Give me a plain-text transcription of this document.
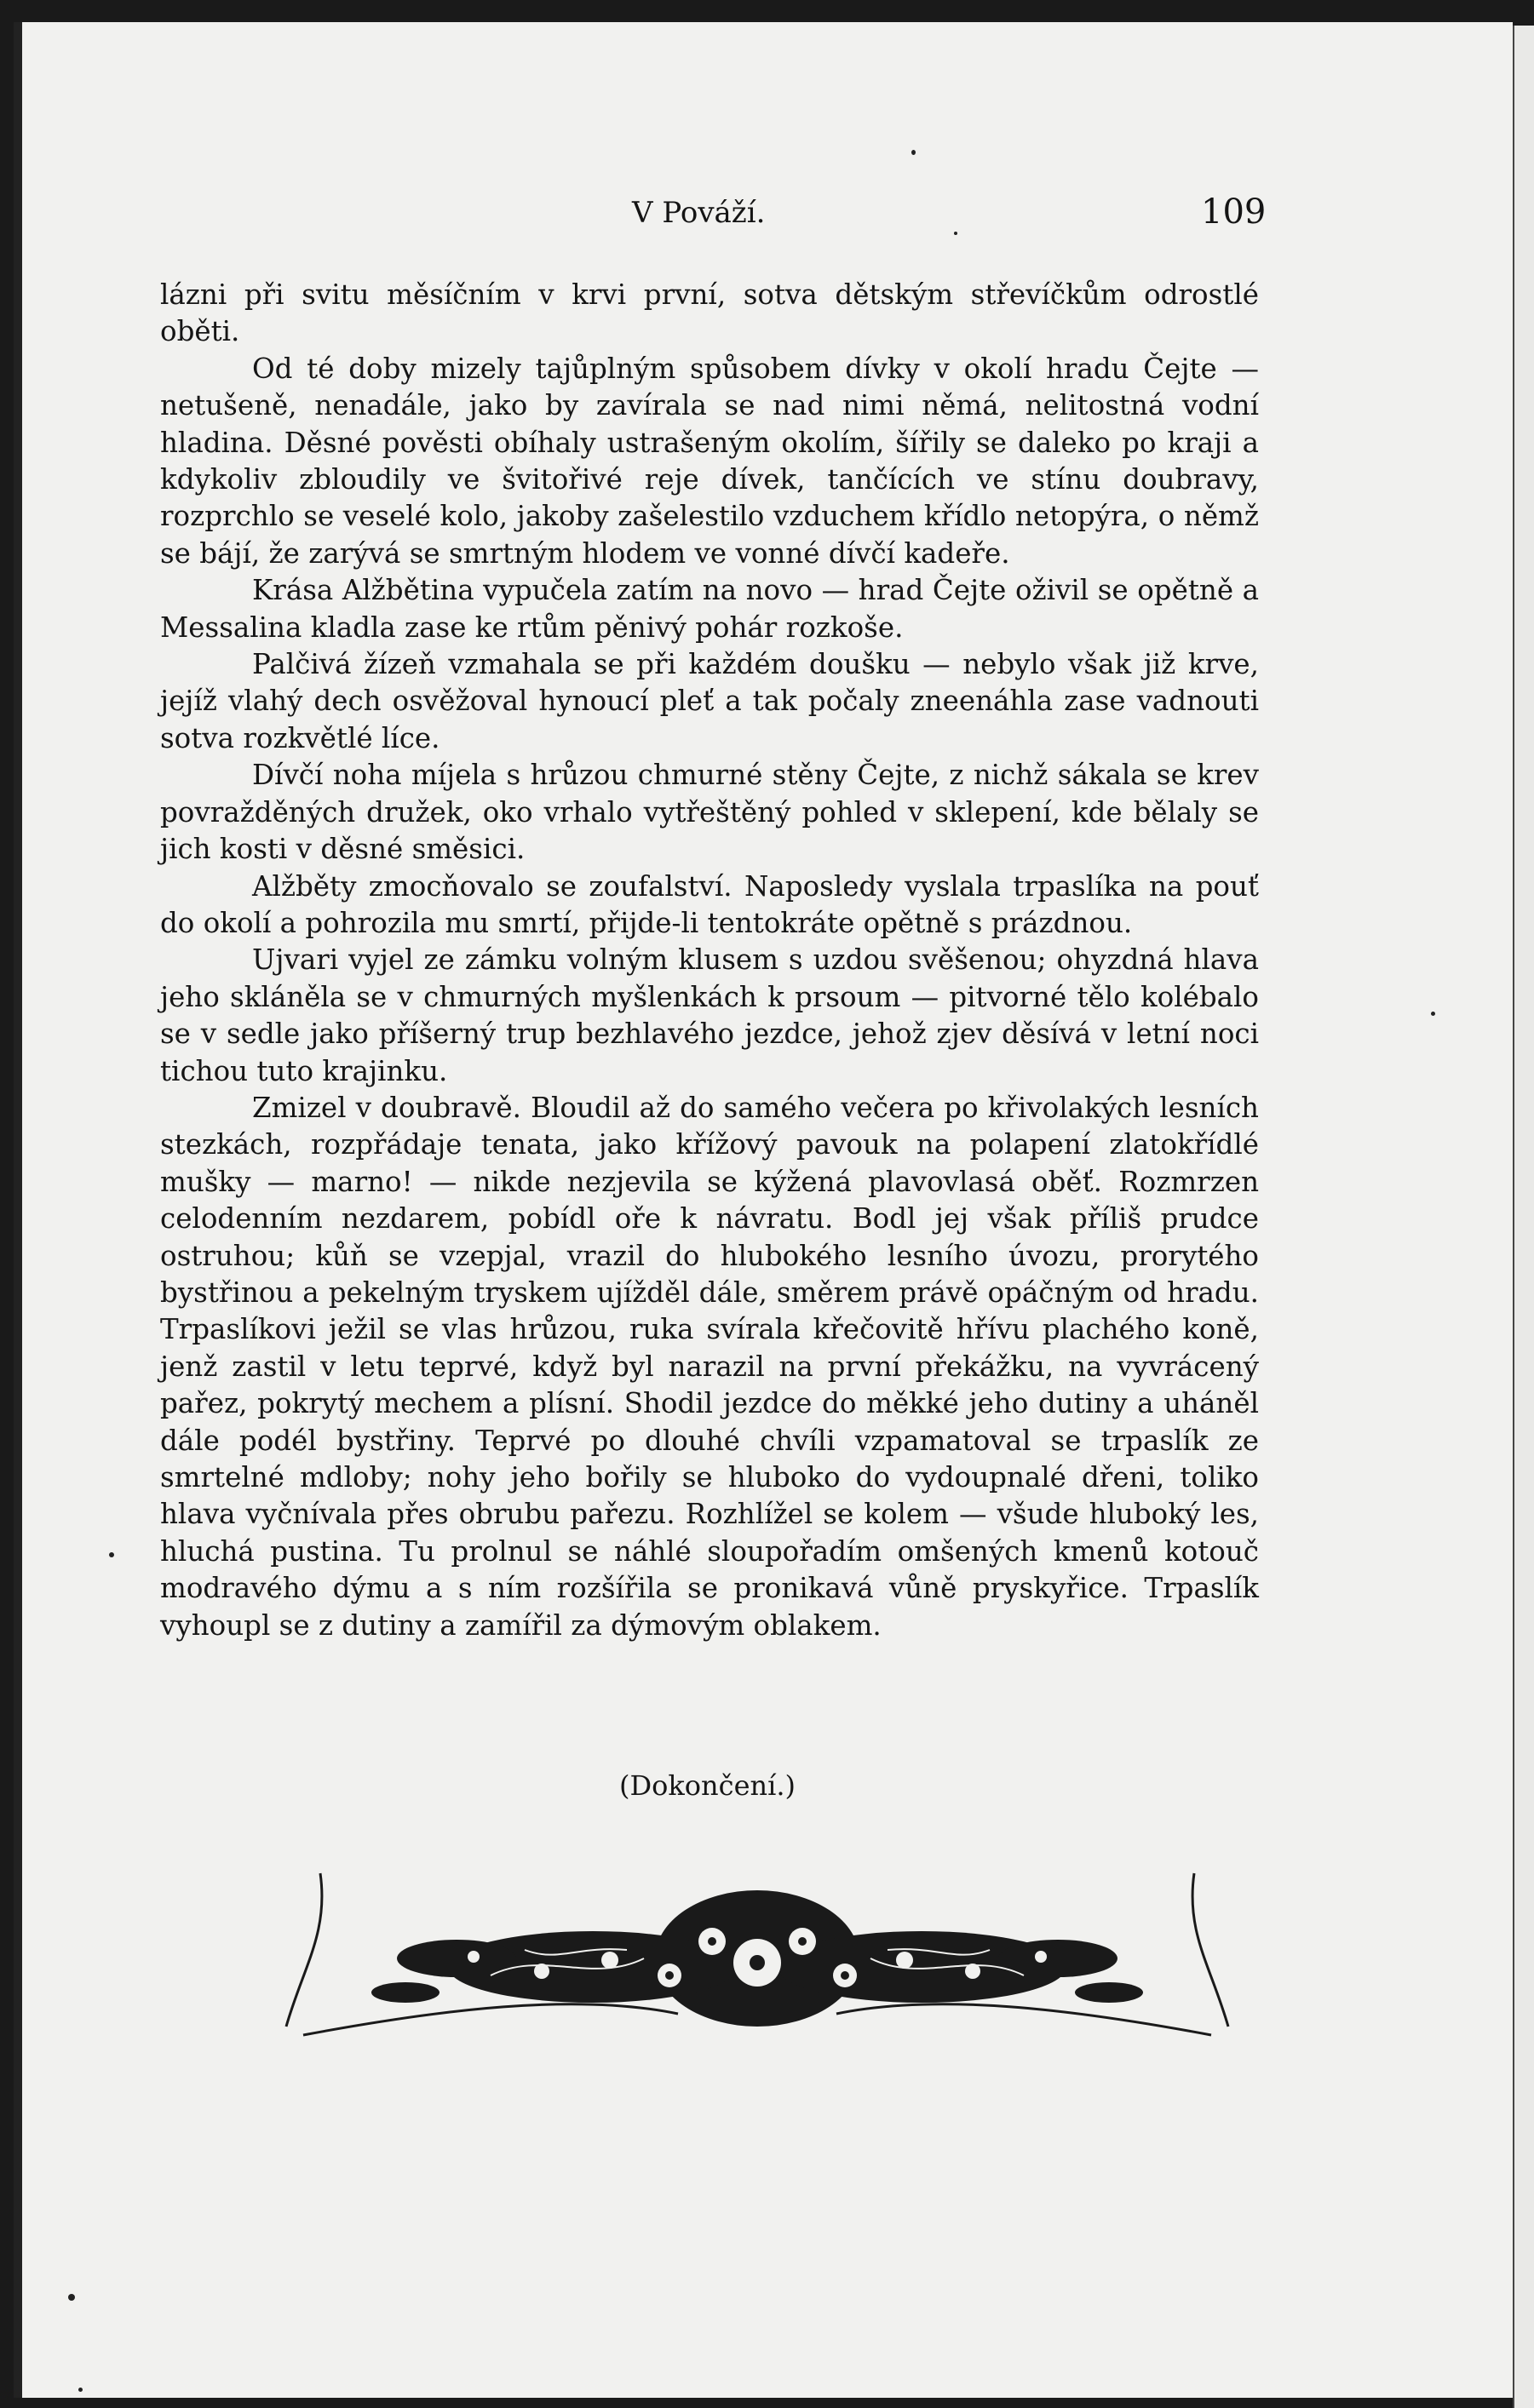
V Pováží.	109

lázni při svitu měsíčním v krvi první, sotva dětským střevíčkům odrostlé oběti.

Od té doby mizely tajůplným spůsobem dívky v okolí hradu Čejte — netušeně, nenadále, jako by zavírala se nad nimi němá, nelitostná vodní hladina. Děsné pověsti obíhaly ustrašeným okolím, šířily se daleko po kraji a kdykoliv zbloudily ve švitořivé reje dívek, tančících ve stínu doubravy, rozprchlo se veselé kolo, jakoby zašelestilo vzduchem křídlo netopýra, o němž se bájí, že zarývá se smrtným hlodem ve vonné dívčí kadeře.

Krása Alžbětina vypučela zatím na novo — hrad Čejte oživil se opětně a Messalina kladla zase ke rtům pěnivý pohár rozkoše.

Palčivá žízeň vzmahala se při každém doušku — nebylo však již krve, jejíž vlahý dech osvěžoval hynoucí pleť a tak počaly zneenáhla zase vadnouti sotva rozkvětlé líce.

Dívčí noha míjela s hrůzou chmurné stěny Čejte, z nichž sákala se krev povražděných družek, oko vrhalo vytřeštěný pohled v sklepení, kde bělaly se jich kosti v děsné směsici.

Alžběty zmocňovalo se zoufalství. Naposledy vyslala trpaslíka na pouť do okolí a pohrozila mu smrtí, přijde-li tentokráte opětně s prázdnou.

Ujvari vyjel ze zámku volným klusem s uzdou svěšenou; ohyzdná hlava jeho skláněla se v chmurných myšlenkách k prsoum — pitvorné tělo kolébalo se v sedle jako příšerný trup bezhlavého jezdce, jehož zjev děsívá v letní noci tichou tuto krajinku.

Zmizel v doubravě. Bloudil až do samého večera po křivolakých lesních stezkách, rozpřádaje tenata, jako křížový pavouk na polapení zlatokřídlé mušky — marno! — nikde nezjevila se kýžená plavovlasá oběť. Rozmrzen celodenním nezdarem, pobídl oře k návratu. Bodl jej však příliš prudce ostruhou; kůň se vzepjal, vrazil do hlubokého lesního úvozu, prorytého bystřinou a pekelným tryskem ujížděl dále, směrem právě opáčným od hradu. Trpaslíkovi ježil se vlas hrůzou, ruka svírala křečovitě hřívu plachého koně, jenž zastil v letu teprvé, když byl narazil na první překážku, na vyvrácený pařez, pokrytý mechem a plísní. Shodil jezdce do měkké jeho dutiny a uháněl dále podél bystřiny. Teprvé po dlouhé chvíli vzpamatoval se trpaslík ze smrtelné mdloby; nohy jeho bořily se hluboko do vydoupnalé dřeni, toliko hlava vyčnívala přes obrubu pařezu. Rozhlížel se kolem — všude hluboký les, hluchá pustina. Tu prolnul se náhlé sloupořadím omšených kmenů kotouč modravého dýmu a s ním rozšířila se pronikavá vůně pryskyřice. Trpaslík vyhoupl se z dutiny a zamířil za dýmovým oblakem.

(Dokončení.)
